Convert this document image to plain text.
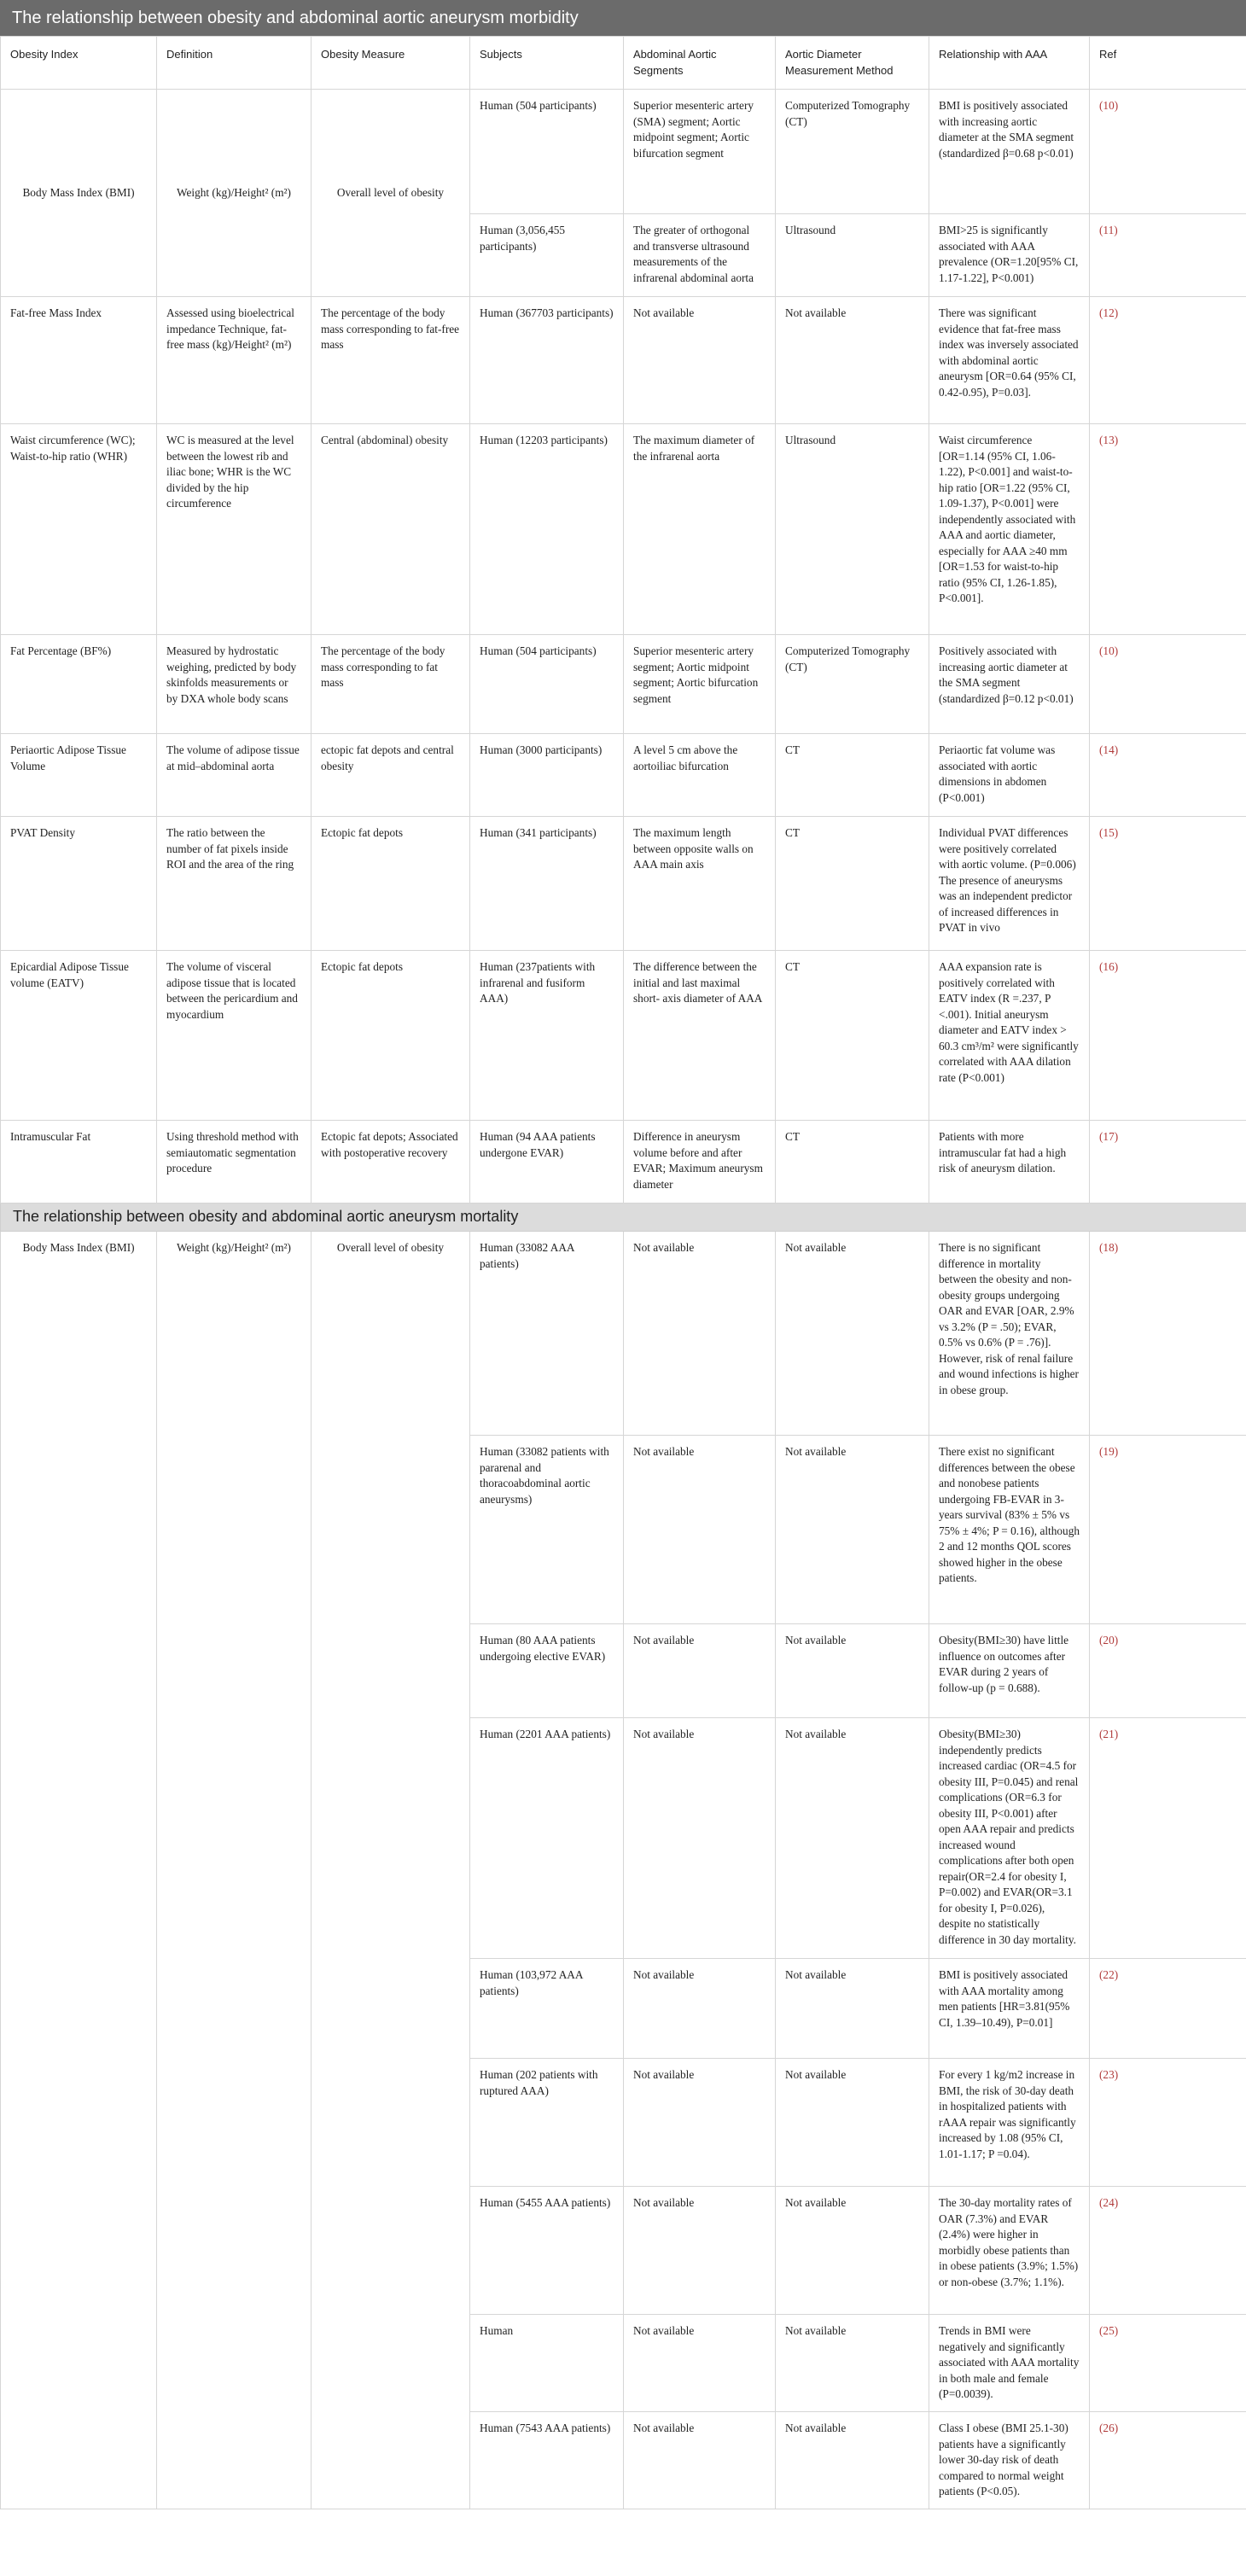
The relationship between obesity and abdominal aortic aneurysm morbidity
Obesity Index	Definition	Obesity Measure	Subjects	Abdominal Aortic Segments	Aortic Diameter Measurement Method	Relationship with AAA	Ref
Body Mass Index (BMI)	Weight (kg)/Height² (m²)	Overall level of obesity	Human (504 participants)	Superior mesenteric artery (SMA) segment; Aortic midpoint segment; Aortic bifurcation segment	Computerized Tomography (CT)	BMI is positively associated with increasing aortic diameter at the SMA segment (standardized β=0.68 p<0.01)	(10)
			Human (3,056,455 participants)	The greater of orthogonal and transverse ultrasound measurements of the infrarenal abdominal aorta	Ultrasound	BMI>25 is significantly associated with AAA prevalence (OR=1.20[95% CI, 1.17-1.22], P<0.001)	(11)
Fat-free Mass Index	Assessed using bioelectrical impedance Technique, fat-free mass (kg)/Height² (m²)	The percentage of the body mass corresponding to fat-free mass	Human (367703 participants)	Not available	Not available	There was significant evidence that fat-free mass index was inversely associated with abdominal aortic aneurysm [OR=0.64 (95% CI, 0.42-0.95), P=0.03].	(12)
Waist circumference (WC); Waist-to-hip ratio (WHR)	WC is measured at the level between the lowest rib and iliac bone; WHR is the WC divided by the hip circumference	Central (abdominal) obesity	Human (12203 participants)	The maximum diameter of the infrarenal aorta	Ultrasound	Waist circumference [OR=1.14 (95% CI, 1.06-1.22), P<0.001] and waist-to-hip ratio [OR=1.22 (95% CI, 1.09-1.37), P<0.001] were independently associated with AAA and aortic diameter, especially for AAA ≥40 mm [OR=1.53 for waist-to-hip ratio (95% CI, 1.26-1.85), P<0.001].	(13)
Fat Percentage (BF%)	Measured by hydrostatic weighing, predicted by body skinfolds measurements or by DXA whole body scans	The percentage of the body mass corresponding to fat mass	Human (504 participants)	Superior mesenteric artery segment; Aortic midpoint segment; Aortic bifurcation segment	Computerized Tomography (CT)	Positively associated with increasing aortic diameter at the SMA segment (standardized β=0.12 p<0.01)	(10)
Periaortic Adipose Tissue Volume	The volume of adipose tissue at mid–abdominal aorta	ectopic fat depots and central obesity	Human (3000 participants)	A level 5 cm above the aortoiliac bifurcation	CT	Periaortic fat volume was associated with aortic dimensions in abdomen (P<0.001)	(14)
PVAT Density	The ratio between the number of fat pixels inside ROI and the area of the ring	Ectopic fat depots	Human (341 participants)	The maximum length between opposite walls on AAA main axis	CT	Individual PVAT differences were positively correlated with aortic volume. (P=0.006) The presence of aneurysms was an independent predictor of increased differences in PVAT in vivo	(15)
Epicardial Adipose Tissue volume (EATV)	The volume of visceral adipose tissue that is located between the pericardium and myocardium	Ectopic fat depots	Human (237patients with infrarenal and fusiform AAA)	The difference between the initial and last maximal short- axis diameter of AAA	CT	AAA expansion rate is positively correlated with EATV index (R =.237, P <.001). Initial aneurysm diameter and EATV index > 60.3 cm³/m² were significantly correlated with AAA dilation rate (P<0.001)	(16)
Intramuscular Fat	Using threshold method with semiautomatic segmentation procedure	Ectopic fat depots; Associated with postoperative recovery	Human (94 AAA patients undergone EVAR)	Difference in aneurysm volume before and after EVAR; Maximum aneurysm diameter	CT	Patients with more intramuscular fat had a high risk of aneurysm dilation.	(17)
The relationship between obesity and abdominal aortic aneurysm mortality							
Body Mass Index (BMI)	Weight (kg)/Height² (m²)	Overall level of obesity	Human (33082 AAA patients)	Not available	Not available	There is no significant difference in mortality between the obesity and non-obesity groups undergoing OAR and EVAR [OAR, 2.9% vs 3.2% (P = .50); EVAR, 0.5% vs 0.6% (P = .76)]. However, risk of renal failure and wound infections is higher in obese group.	(18)
			Human (33082 patients with pararenal and thoracoabdominal aortic aneurysms)	Not available	Not available	There exist no significant differences between the obese and nonobese patients undergoing FB-EVAR in 3-years survival (83% ± 5% vs 75% ± 4%; P = 0.16), although 2 and 12 months QOL scores showed higher in the obese patients.	(19)
			Human (80 AAA patients undergoing elective EVAR)	Not available	Not available	Obesity(BMI≥30) have little influence on outcomes after EVAR during 2 years of follow-up (p = 0.688).	(20)
			Human (2201 AAA patients)	Not available	Not available	Obesity(BMI≥30) independently predicts increased cardiac (OR=4.5 for obesity III, P=0.045) and renal complications (OR=6.3 for obesity III, P<0.001) after open AAA repair and predicts increased wound complications after both open repair(OR=2.4 for obesity I, P=0.002) and EVAR(OR=3.1 for obesity I, P=0.026), despite no statistically difference in 30 day mortality.	(21)
			Human (103,972 AAA patients)	Not available	Not available	BMI is positively associated with AAA mortality among men patients [HR=3.81(95% CI, 1.39–10.49), P=0.01]	(22)
			Human (202 patients with ruptured AAA)	Not available	Not available	For every 1 kg/m2 increase in BMI, the risk of 30-day death in hospitalized patients with rAAA repair was significantly increased by 1.08 (95% CI, 1.01-1.17; P =0.04).	(23)
			Human (5455 AAA patients)	Not available	Not available	The 30-day mortality rates of OAR (7.3%) and EVAR (2.4%) were higher in morbidly obese patients than in obese patients (3.9%; 1.5%) or non-obese (3.7%; 1.1%).	(24)
			Human	Not available	Not available	Trends in BMI were negatively and significantly associated with AAA mortality in both male and female (P=0.0039).	(25)
			Human (7543 AAA patients)	Not available	Not available	Class I obese (BMI 25.1-30) patients have a significantly lower 30-day risk of death compared to normal weight patients (P<0.05).	(26)
